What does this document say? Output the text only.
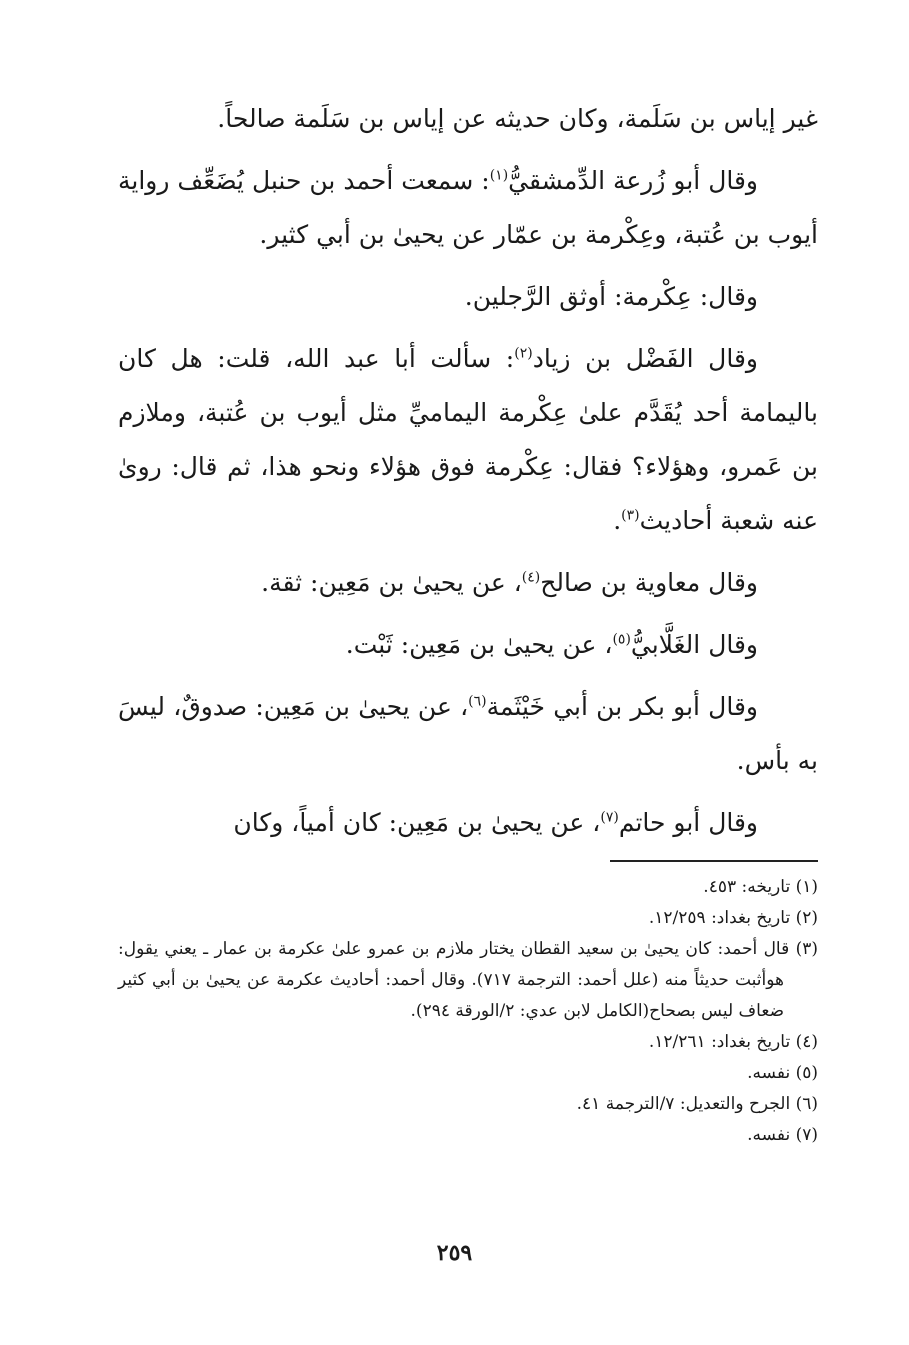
غير إياس بن سَلَمة، وكان حديثه عن إياس بن سَلَمة صالحاً.

وقال أبو زُرعة الدِّمشقيُّ$^{(١)}$: سمعت أحمد بن حنبل يُضَعِّف رواية أيوب بن عُتبة، وعِكْرمة بن عمّار عن يحيىٰ بن أبي كثير.

وقال: عِكْرمة: أوثق الرَّجلين.

وقال الفَضْل بن زياد$^{(٢)}$: سألت أبا عبد الله، قلت: هل كان باليمامة أحد يُقَدَّم علىٰ عِكْرمة اليماميِّ مثل أيوب بن عُتبة، وملازم بن عَمرو، وهؤلاء؟ فقال: عِكْرمة فوق هؤلاء ونحو هذا، ثم قال: روىٰ عنه شعبة أحاديث$^{(٣)}$.

وقال معاوية بن صالح$^{(٤)}$، عن يحيىٰ بن مَعِين: ثقة.

وقال الغَلَّابيُّ$^{(٥)}$، عن يحيىٰ بن مَعِين: ثَبْت.

وقال أبو بكر بن أبي خَيْثَمة$^{(٦)}$، عن يحيىٰ بن مَعِين: صدوقٌ، ليسَ به بأس.

وقال أبو حاتم$^{(٧)}$، عن يحيىٰ بن مَعِين: كان أمياً، وكان

(١) تاريخه: ٤٥٣.

(٢) تاريخ بغداد: ١٢/٢٥٩.

(٣) قال أحمد: كان يحيىٰ بن سعيد القطان يختار ملازم بن عمرو علىٰ عكرمة بن عمار ـ يعني يقول: هوأثبت حديثاً منه (علل أحمد: الترجمة ٧١٧). وقال أحمد: أحاديث عكرمة عن يحيىٰ بن أبي كثير ضعاف ليس بصحاح(الكامل لابن عدي: ٢/الورقة ٢٩٤).

(٤) تاريخ بغداد: ١٢/٢٦١.

(٥) نفسه.

(٦) الجرح والتعديل: ٧/الترجمة ٤١.

(٧) نفسه.

٢٥٩
